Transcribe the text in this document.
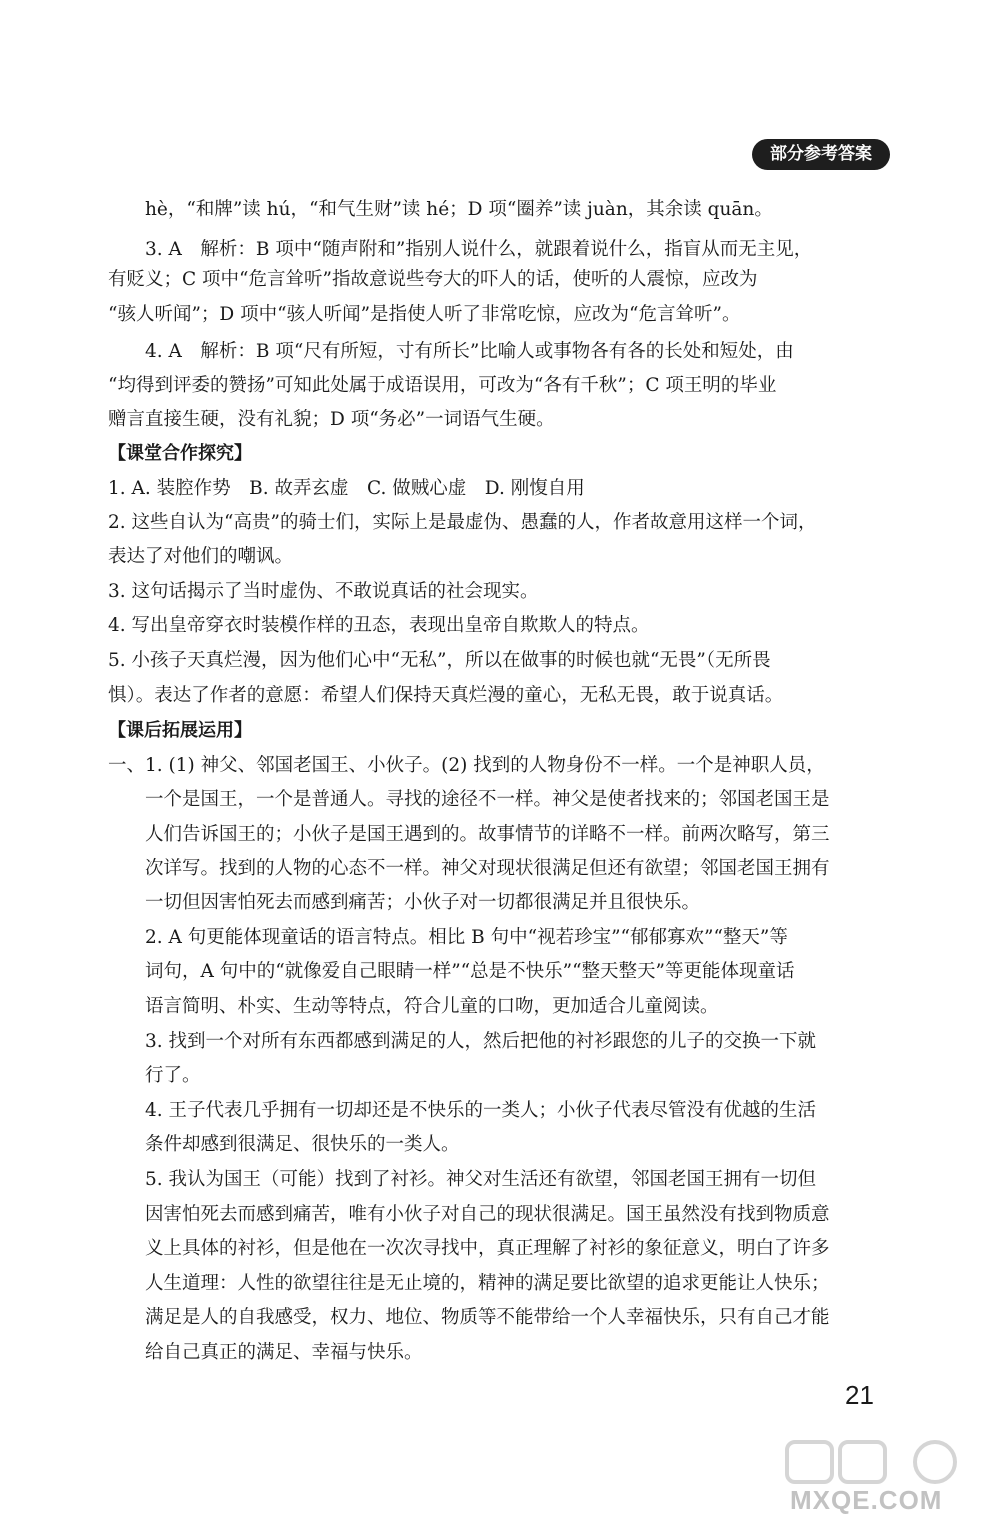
部分参考答案
hè，“和牌”读 hú，“和气生财”读 hé；D 项“圈养”读 juàn，其余读 quān。
3. A　解析：B 项中“随声附和”指别人说什么，就跟着说什么，指盲从而无主见，
有贬义；C 项中“危言耸听”指故意说些夸大的吓人的话，使听的人震惊，应改为
“骇人听闻”；D 项中“骇人听闻”是指使人听了非常吃惊，应改为“危言耸听”。
4. A　解析：B 项“尺有所短，寸有所长”比喻人或事物各有各的长处和短处，由
“均得到评委的赞扬”可知此处属于成语误用，可改为“各有千秋”；C 项王明的毕业
赠言直接生硬，没有礼貌；D 项“务必”一词语气生硬。
【课堂合作探究】
1. A. 装腔作势　B. 故弄玄虚　C. 做贼心虚　D. 刚愎自用
2. 这些自认为“高贵”的骑士们，实际上是最虚伪、愚蠢的人，作者故意用这样一个词，
表达了对他们的嘲讽。
3. 这句话揭示了当时虚伪、不敢说真话的社会现实。
4. 写出皇帝穿衣时装模作样的丑态，表现出皇帝自欺欺人的特点。
5. 小孩子天真烂漫，因为他们心中“无私”，所以在做事的时候也就“无畏”（无所畏
惧）。表达了作者的意愿：希望人们保持天真烂漫的童心，无私无畏，敢于说真话。
【课后拓展运用】
一、1. (1) 神父、邻国老国王、小伙子。(2) 找到的人物身份不一样。一个是神职人员，
一个是国王，一个是普通人。寻找的途径不一样。神父是使者找来的；邻国老国王是
人们告诉国王的；小伙子是国王遇到的。故事情节的详略不一样。前两次略写，第三
次详写。找到的人物的心态不一样。神父对现状很满足但还有欲望；邻国老国王拥有
一切但因害怕死去而感到痛苦；小伙子对一切都很满足并且很快乐。
2. A 句更能体现童话的语言特点。相比 B 句中“视若珍宝”“郁郁寡欢”“整天”等
词句，A 句中的“就像爱自己眼睛一样”“总是不快乐”“整天整天”等更能体现童话
语言简明、朴实、生动等特点，符合儿童的口吻，更加适合儿童阅读。
3. 找到一个对所有东西都感到满足的人，然后把他的衬衫跟您的儿子的交换一下就
行了。
4. 王子代表几乎拥有一切却还是不快乐的一类人；小伙子代表尽管没有优越的生活
条件却感到很满足、很快乐的一类人。
5. 我认为国王（可能）找到了衬衫。神父对生活还有欲望，邻国老国王拥有一切但
因害怕死去而感到痛苦，唯有小伙子对自己的现状很满足。国王虽然没有找到物质意
义上具体的衬衫，但是他在一次次寻找中，真正理解了衬衫的象征意义，明白了许多
人生道理：人性的欲望往往是无止境的，精神的满足要比欲望的追求更能让人快乐；
满足是人的自我感受，权力、地位、物质等不能带给一个人幸福快乐，只有自己才能
给自己真正的满足、幸福与快乐。
21
MXQE.COM
